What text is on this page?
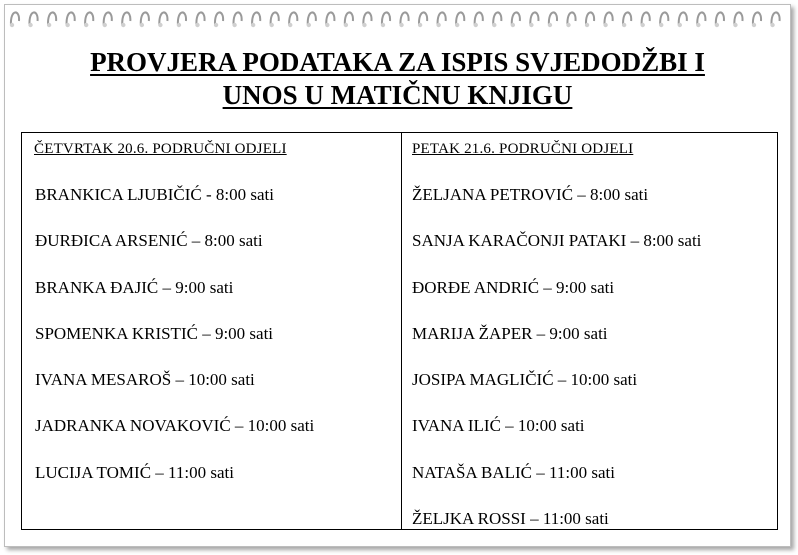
PROVJERA PODATAKA ZA ISPIS SVJEDODŽBI I
UNOS U MATIČNU KNJIGU
ČETVRTAK 20.6. PODRUČNI ODJELI
BRANKICA LJUBIČIĆ - 8:00 sati
ĐURĐICA ARSENIĆ – 8:00 sati
BRANKA ĐAJIĆ – 9:00 sati
SPOMENKA KRISTIĆ – 9:00 sati
IVANA MESAROŠ – 10:00 sati
JADRANKA NOVAKOVIĆ – 10:00 sati
LUCIJA TOMIĆ – 11:00 sati
PETAK 21.6. PODRUČNI ODJELI
ŽELJANA PETROVIĆ – 8:00 sati
SANJA KARAČONJI PATAKI – 8:00 sati
ĐORĐE ANDRIĆ – 9:00 sati
MARIJA ŽAPER – 9:00 sati
JOSIPA MAGLIČIĆ – 10:00 sati
IVANA ILIĆ – 10:00 sati
NATAŠA BALIĆ – 11:00 sati
ŽELJKA ROSSI – 11:00 sati
